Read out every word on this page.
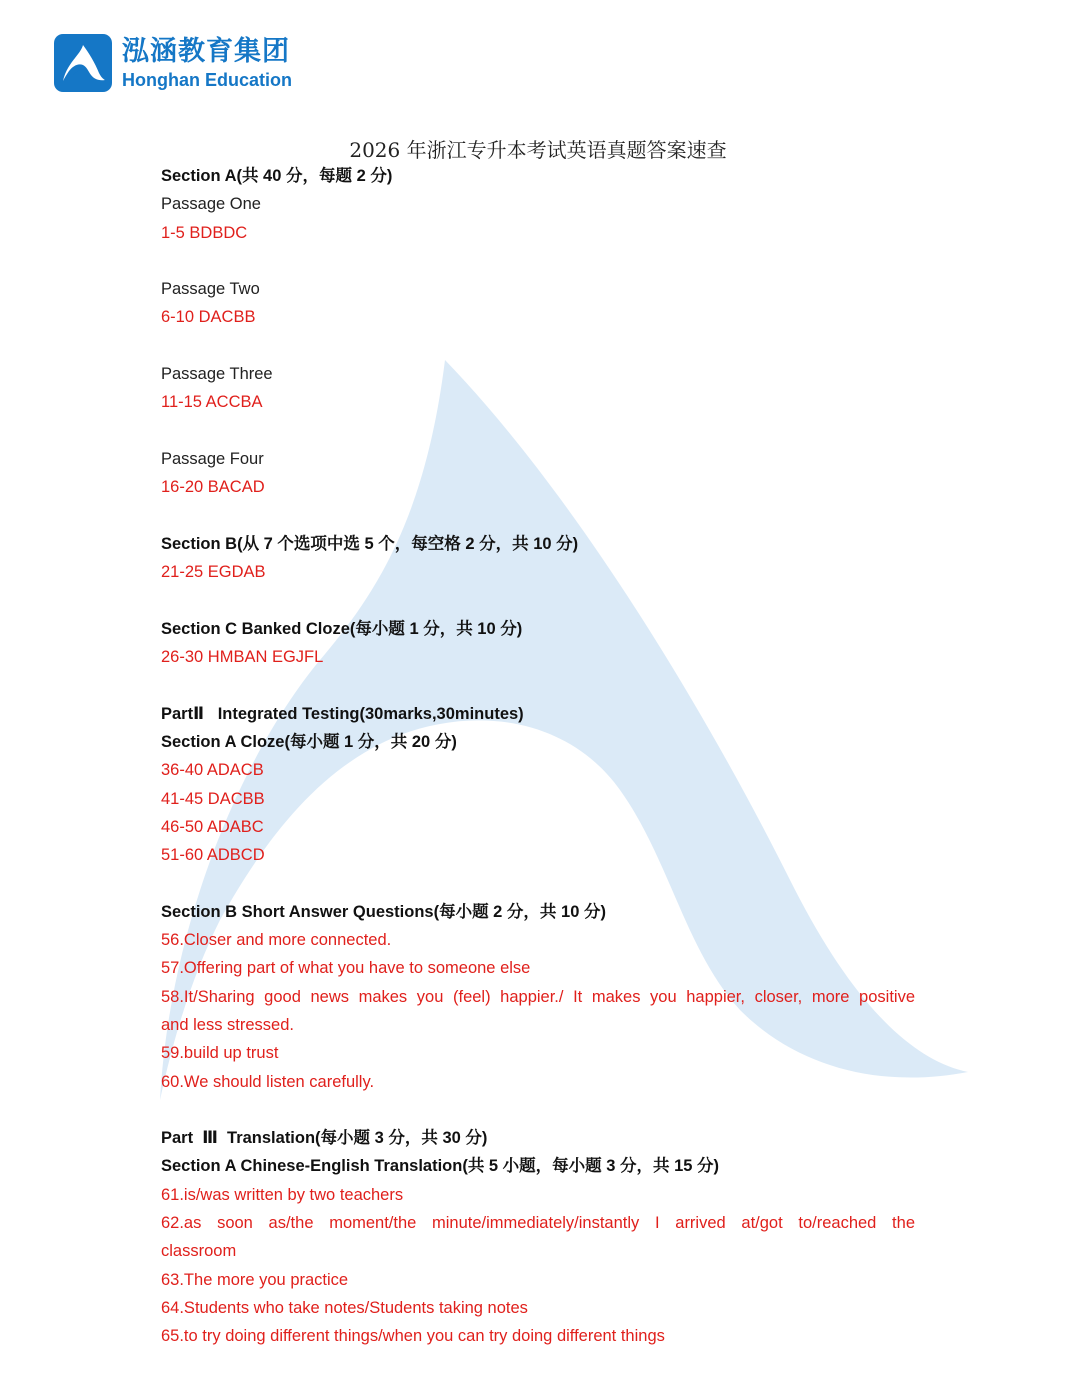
泓涵教育集团
Honghan Education
2026 年浙江专升本考试英语真题答案速查
Section A(共 40 分，每题 2 分)
Passage One
1-5 BDBDC
Passage Two
6-10 DACBB
Passage Three
11-15 ACCBA
Passage Four
16-20 BACAD
Section B(从 7 个选项中选 5 个，每空格 2 分，共 10 分)
21-25 EGDAB
Section C Banked Cloze(每小题 1 分，共 10 分)
26-30 HMBAN EGJFL
PartⅡ   Integrated Testing(30marks,30minutes)
Section A Cloze(每小题 1 分，共 20 分)
36-40 ADACB
41-45 DACBB
46-50 ADABC
51-60 ADBCD
Section B Short Answer Questions(每小题 2 分，共 10 分)
56.Closer and more connected.
57.Offering part of what you have to someone else
58.It/Sharing good news makes you (feel) happier./ It makes you happier, closer, more positive
and less stressed.
59.build up trust
60.We should listen carefully.
Part  Ⅲ  Translation(每小题 3 分，共 30 分)
Section A Chinese-English Translation(共 5 小题，每小题 3 分，共 15 分)
61.is/was written by two teachers
62.as soon as/the moment/the minute/immediately/instantly I arrived at/got to/reached the
classroom
63.The more you practice
64.Students who take notes/Students taking notes
65.to try doing different things/when you can try doing different things
